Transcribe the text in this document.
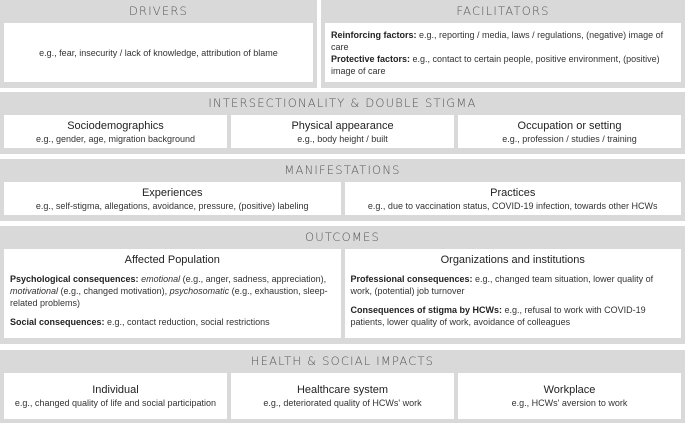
DRIVERS
e.g., fear, insecurity / lack of knowledge, attribution of blame
FACILITATORS

Reinforcing factors: e.g., reporting / media, laws / regulations, (negative) image of care

Protective factors: e.g., contact to certain people, positive environment, (positive) image of care

INTERSECTIONALITY & DOUBLE STIGMA
Sociodemographics
e.g., gender, age, migration background
Physical appearance
e.g., body height / built
Occupation or setting
e.g., profession / studies / training
MANIFESTATIONS
Experiences
e.g., self-stigma, allegations, avoidance, pressure, (positive) labeling
Practices
e.g., due to vaccination status, COVID-19 infection, towards other HCWs
OUTCOMES
Affected Population

Psychological consequences: emotional (e.g., anger, sadness, appreciation), motivational (e.g., changed motivation), psychosomatic (e.g., exhaustion, sleep-related problems)

Social consequences: e.g., contact reduction, social restrictions

Organizations and institutions

Professional consequences: e.g., changed team situation, lower quality of work, (potential) job turnover

Consequences of stigma by HCWs: e.g., refusal to work with COVID-19 patients, lower quality of work, avoidance of colleagues

HEALTH & SOCIAL IMPACTS
Individual
e.g., changed quality of life and social participation
Healthcare system
e.g., deteriorated quality of HCWs' work
Workplace
e.g., HCWs' aversion to work
